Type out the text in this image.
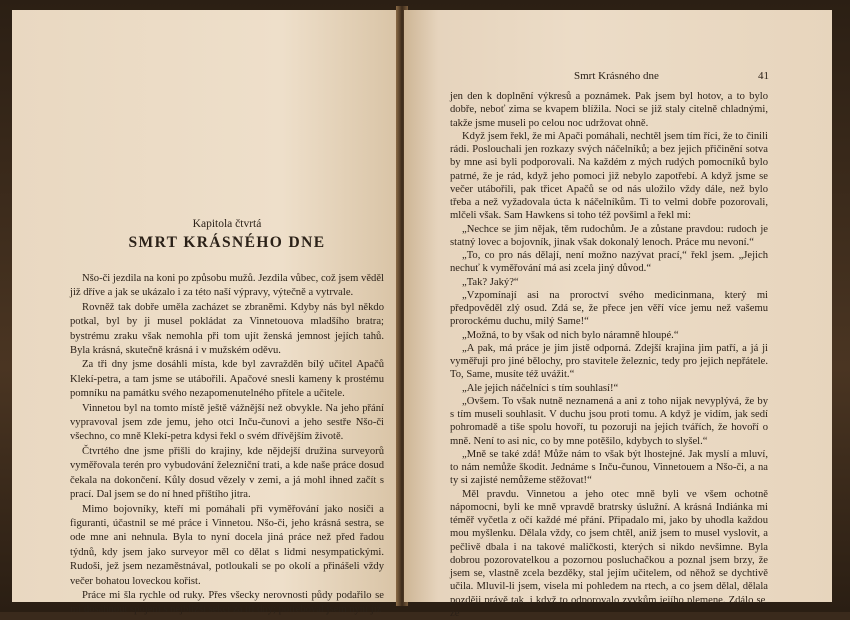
Kapitola čtvrtá
SMRT KRÁSNÉHO DNE

Nšo-či jezdila na koni po způsobu mužů. Jezdila vůbec, což jsem věděl již dříve a jak se ukázalo i za této naší výpravy, výtečně a vytrvale.

Rovněž tak dobře uměla zacházet se zbraněmi. Kdyby nás byl někdo potkal, byl by ji musel pokládat za Vinnetouova mladšího bratra; bystrému zraku však nemohla při tom ujít ženská jemnost jejích tahů. Byla krásná, skutečně krásná i v mužském oděvu.

Za tři dny jsme dosáhli místa, kde byl zavražděn bílý učitel Apačů Klekí-petra, a tam jsme se utábořili. Apačové snesli kameny k prostému pomníku na památku svého nezapomenutelného přítele a učitele.

Vinnetou byl na tomto místě ještě vážnější než obvykle. Na jeho přání vypravoval jsem zde jemu, jeho otci Inču-čunovi a jeho sestře Nšo-či všechno, co mně Klekí-petra kdysi řekl o svém dřívějším životě.

Čtvrtého dne jsme přišli do krajiny, kde nějdejší družina surveyorů vyměřovala terén pro vybudování železniční trati, a kde naše práce dosud čekala na dokončení. Kůly dosud vězely v zemi, a já mohl ihned začít s prací. Dal jsem se do ní hned příštího jitra.

Mimo bojovníky, kteří mi pomáhali při vyměřování jako nosiči a figuranti, účastnil se mé práce i Vinnetou. Nšo-či, jeho krásná sestra, se ode mne ani nehnula. Byla to nyní docela jiná práce než před řadou týdnů, kdy jsem jako surveyor měl co dělat s lidmi nesympatickými. Rudoši, jež jsem nezaměstnával, potloukali se po okolí a přinášeli vždy večer bohatou loveckou kořist.

Práce mi šla rychle od ruky. Přes všecky nerovnosti půdy podařilo se mi dosáhnout spojení s nejbližší sekcí za tři dny; potřeboval jsem nyní již

Smrt Krásného dne	41

jen den k doplnění výkresů a poznámek. Pak jsem byl hotov, a to bylo dobře, neboť zima se kvapem blížila. Noci se již staly citelně chladnými, takže jsme museli po celou noc udržovat ohně.

Když jsem řekl, že mi Apači pomáhali, nechtěl jsem tím říci, že to činili rádi. Poslouchali jen rozkazy svých náčelníků; a bez jejich přičinění sotva by mne asi byli podporovali. Na každém z mých rudých pomocníků bylo patrné, že je rád, když jeho pomoci již nebylo zapotřebí. A když jsme se večer utábořili, pak třicet Apačů se od nás uložilo vždy dále, než bylo třeba a než vyžadovala úcta k náčelníkům. Ti to velmi dobře pozorovali, mlčeli však. Sam Hawkens si toho též povšiml a řekl mi:

„Nechce se jim nějak, těm rudochům. Je a zůstane pravdou: rudoch je statný lovec a bojovník, jinak však dokonalý lenoch. Práce mu nevoní.“

„To, co pro nás dělají, není možno nazývat prací,“ řekl jsem. „Jejich nechuť k vyměřování má asi zcela jiný důvod.“

„Tak? Jaký?“

„Vzpomínají asi na proroctví svého medicinmana, který mi předpověděl zlý osud. Zdá se, že přece jen věří více jemu než vašemu prorockému duchu, milý Same!“

„Možná, to by však od nich bylo náramně hloupé.“

„A pak, má práce je jim jistě odporná. Zdejší krajina jim patří, a já ji vyměřuji pro jiné bělochy, pro stavitele železnic, tedy pro jejich nepřátele. To, Same, musíte též uvážit.“

„Ale jejich náčelníci s tím souhlasí!“

„Ovšem. To však nutně neznamená a ani z toho nijak nevyplývá, že by s tím museli souhlasit. V duchu jsou proti tomu. A když je vidím, jak sedí pohromadě a tiše spolu hovoří, tu pozoruji na jejich tvářích, že hovoří o mně. Není to asi nic, co by mne potěšilo, kdybych to slyšel.“

„Mně se také zdá! Může nám to však být lhostejné. Jak myslí a mluví, to nám nemůže škodit. Jednáme s Inču-čunou, Vinnetouem a Nšo-či, a na ty si zajisté nemůžeme stěžovat!“

Měl pravdu. Vinnetou a jeho otec mně byli ve všem ochotně nápomocni, byli ke mně vpravdě bratrsky úslužní. A krásná Indiánka mi téměř vyčetla z očí každé mé přání. Připadalo mi, jako by uhodla každou mou myšlenku. Dělala vždy, co jsem chtěl, aniž jsem to musel vyslovit, a pečlivě dbala i na takové maličkosti, kterých si nikdo nevšimne. Byla dobrou pozorovatelkou a pozornou posluchačkou a poznal jsem brzy, že jsem se, vlastně zcela bezděky, stal jejím učitelem, od něhož se dychtivě učila. Mluvil-li jsem, visela mi pohledem na rtech, a co jsem dělal, dělala později právě tak, i když to odporovalo zvykům jejího plemene. Zdálo se, že
